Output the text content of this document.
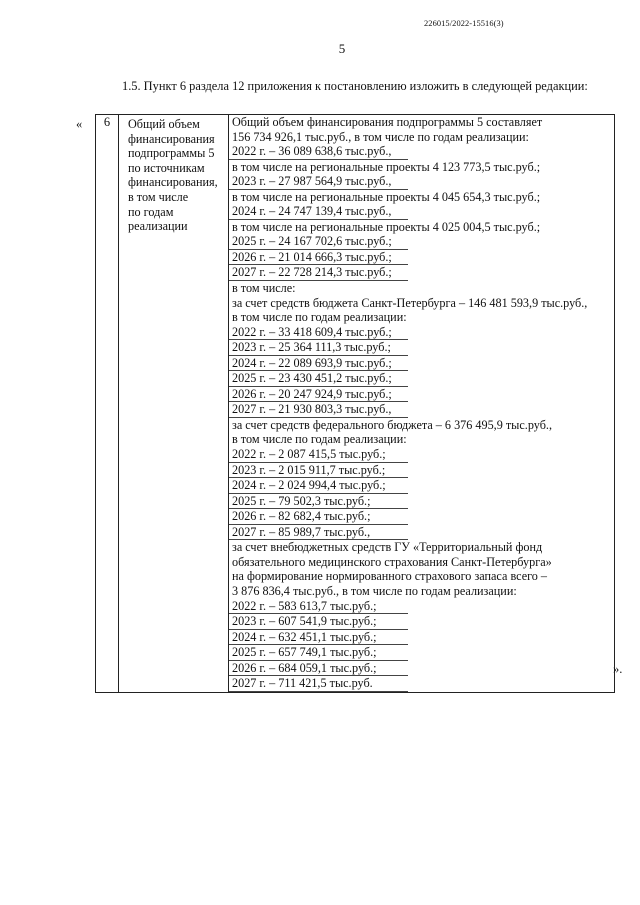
226015/2022-15516(3)
5
1.5. Пункт 6 раздела 12 приложения к постановлению изложить в следующей редакции:
« 6	Общий объем
финансирования
подпрограммы 5
по источникам
финансирования,
в том числе
по годам
реализации

Общий объем финансирования подпрограммы 5 составляет
156 734 926,1 тыс.руб., в том числе по годам реализации:
2022 г. – 36 089 638,6 тыс.руб.,
в том числе на региональные проекты 4 123 773,5 тыс.руб.;
2023 г. – 27 987 564,9 тыс.руб.,
в том числе на региональные проекты 4 045 654,3 тыс.руб.;
2024 г. – 24 747 139,4 тыс.руб.,
в том числе на региональные проекты 4 025 004,5 тыс.руб.;
2025 г. – 24 167 702,6 тыс.руб.;
2026 г. – 21 014 666,3 тыс.руб.;
2027 г. – 22 728 214,3 тыс.руб.;
в том числе:
за счет средств бюджета Санкт-Петербурга – 146 481 593,9 тыс.руб.,
в том числе по годам реализации:
2022 г. – 33 418 609,4 тыс.руб.;
2023 г. – 25 364 111,3 тыс.руб.;
2024 г. – 22 089 693,9 тыс.руб.;
2025 г. – 23 430 451,2 тыс.руб.;
2026 г. – 20 247 924,9 тыс.руб.;
2027 г. – 21 930 803,3 тыс.руб.,
за счет средств федерального бюджета – 6 376 495,9 тыс.руб.,
в том числе по годам реализации:
2022 г. – 2 087 415,5 тыс.руб.;
2023 г. – 2 015 911,7 тыс.руб.;
2024 г. – 2 024 994,4 тыс.руб.;
2025 г. – 79 502,3 тыс.руб.;
2026 г. – 82 682,4 тыс.руб.;
2027 г. – 85 989,7 тыс.руб.,
за счет внебюджетных средств ГУ «Территориальный фонд
обязательного медицинского страхования Санкт-Петербурга»
на формирование нормированного страхового запаса всего –
3 876 836,4 тыс.руб., в том числе по годам реализации:
2022 г. – 583 613,7 тыс.руб.;
2023 г. – 607 541,9 тыс.руб.;
2024 г. – 632 451,1 тыс.руб.;
2025 г. – 657 749,1 тыс.руб.;
2026 г. – 684 059,1 тыс.руб.;
2027 г. – 711 421,5 тыс.руб.
».
